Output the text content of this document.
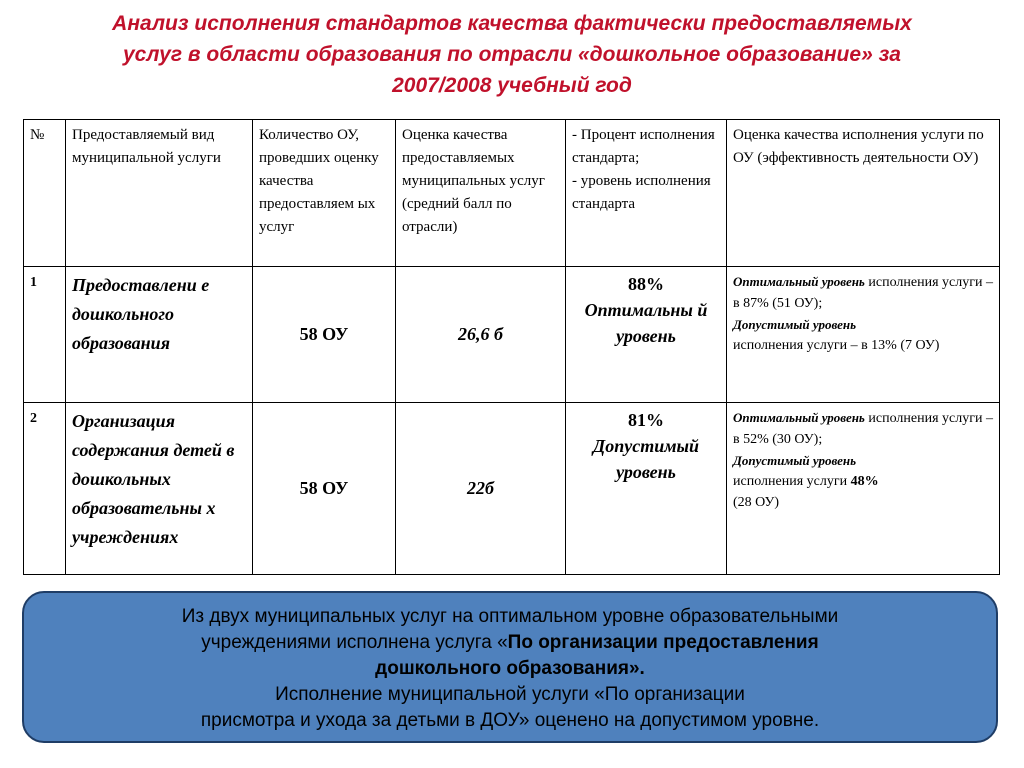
Анализ исполнения стандартов качества фактически предоставляемых
услуг в области образования по отрасли «дошкольное образование» за
2007/2008 учебный год
№	Предоставляемый вид муниципальной услуги	Количество ОУ, проведших оценку качества предоставляем ых услуг	Оценка качества предоставляемых муниципальных услуг (средний балл по отрасли)	- Процент исполнения стандарта;
- уровень исполнения стандарта	Оценка качества исполнения услуги по ОУ (эффективность деятельности ОУ)
1	Предоставлени е дошкольного образования	58 ОУ	26,6 б	88%
Оптимальны й уровень	Оптимальный уровень исполнения услуги – в 87% (51 ОУ);
Допустимый уровень
исполнения услуги – в 13% (7 ОУ)
2	Организация содержания детей в дошкольных образовательны х учреждениях	58 ОУ	22б	81%
Допустимый уровень	Оптимальный уровень исполнения услуги – в 52% (30 ОУ);
Допустимый уровень
исполнения услуги 48%
(28 ОУ)
Из двух муниципальных услуг на оптимальном уровне образовательными
учреждениями исполнена услуга «По организации предоставления
дошкольного образования».
Исполнение муниципальной услуги «По организации
присмотра и ухода за детьми в ДОУ» оценено на допустимом уровне.
